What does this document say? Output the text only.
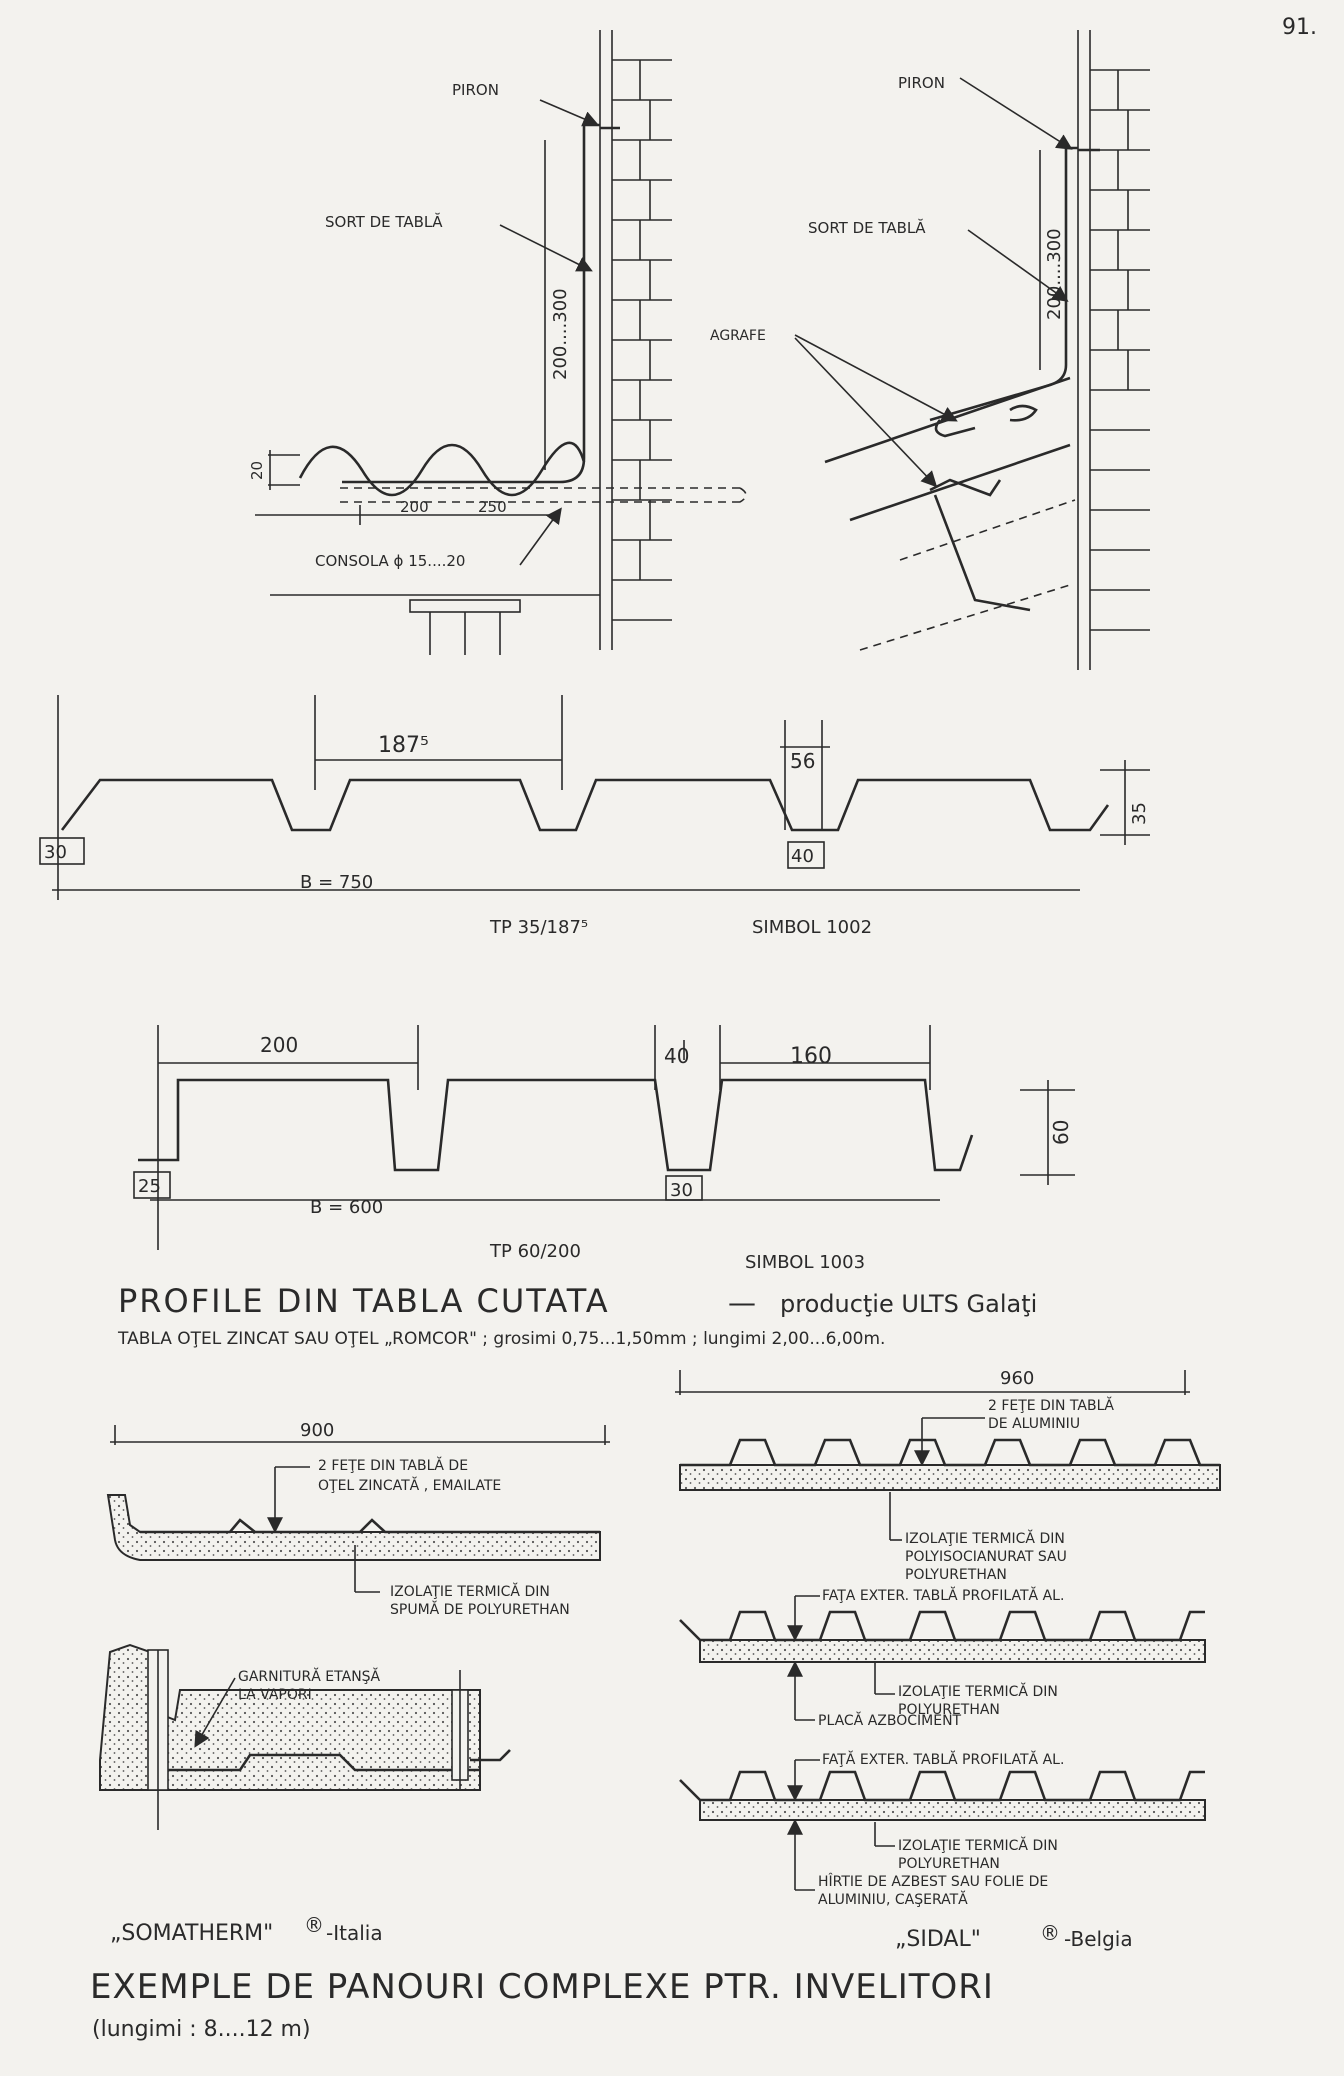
91.
200....300
20
200	250
PIRON
SORT DE TABLĂ
CONSOLA ϕ 15....20
200....300
PIRON
SORT DE TABLĂ
AGRAFE
187⁵
56
35
30	40
B = 750
TP 35/187⁵	SIMBOL 1002
200	40	160
60
25	30
B = 600
TP 60/200
SIMBOL 1003
PROFILE DIN TABLA CUTATA	— producţie ULTS Galaţi
TABLA OŢEL ZINCAT SAU OŢEL „ROMCOR" ; grosimi 0,75...1,50mm ; lungimi 2,00...6,00m.
900
2 FEŢE DIN TABLĂ DE
OŢEL ZINCATĂ , EMAILATE
IZOLAŢIE TERMICĂ DIN
SPUMĂ DE POLYURETHAN
GARNITURĂ ETANŞĂ
LA VAPORI
„SOMATHERM" ® -Italia
960
2 FEŢE DIN TABLĂ
DE ALUMINIU
IZOLAŢIE TERMICĂ DIN
POLYISOCIANURAT SAU
POLYURETHAN
FAŢA EXTER. TABLĂ PROFILATĂ AL.
IZOLAŢIE TERMICĂ DIN
POLYURETHAN
PLACĂ AZBOCIMENT
FAŢĂ EXTER. TABLĂ PROFILATĂ AL.
IZOLAŢIE TERMICĂ DIN
POLYURETHAN
HÎRTIE DE AZBEST SAU FOLIE DE
ALUMINIU, CAŞERATĂ
„SIDAL"	® -Belgia
EXEMPLE DE PANOURI COMPLEXE PTR. INVELITORI
(lungimi : 8....12 m)
